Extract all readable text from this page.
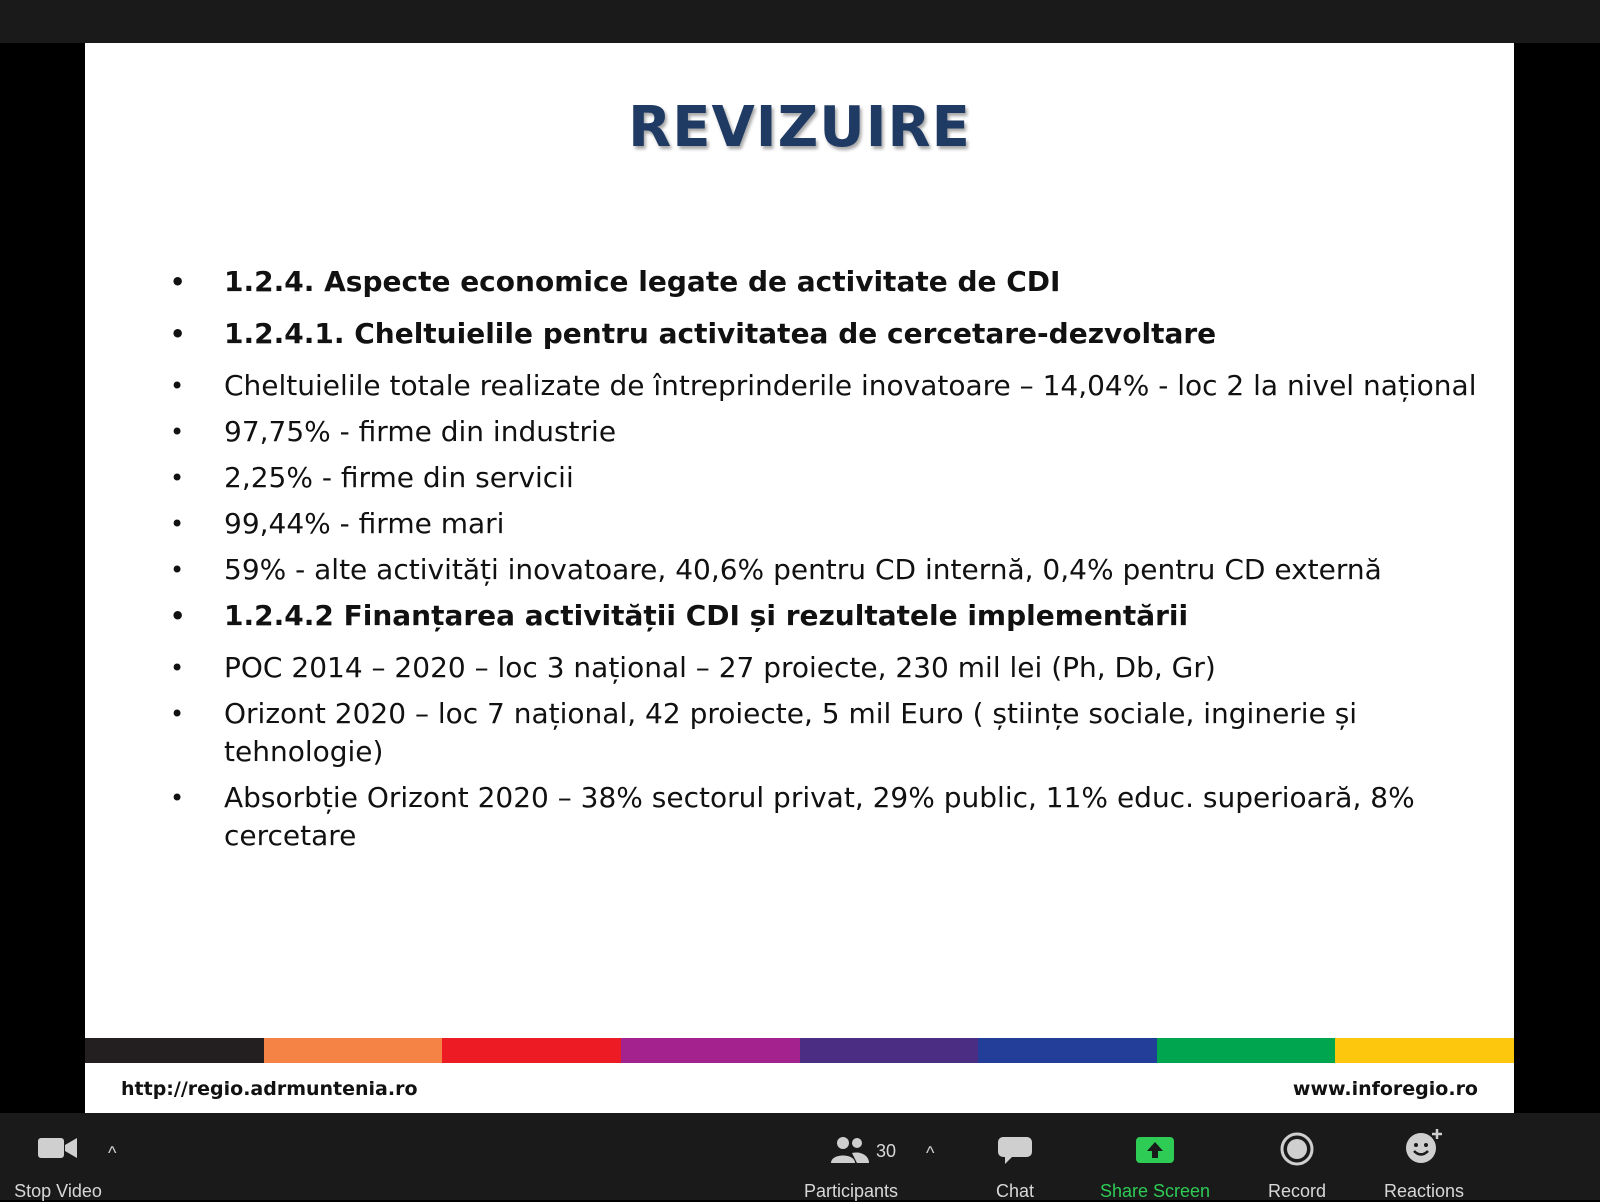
REVIZUIRE
• 1.2.4. Aspecte economice legate de activitate de CDI
• 1.2.4.1. Cheltuielile pentru activitatea de cercetare-dezvoltare
• Cheltuielile totale realizate de întreprinderile inovatoare – 14,04% - loc 2 la nivel național
• 97,75% - firme din industrie
• 2,25% - firme din servicii
• 99,44% - firme mari
• 59% - alte activități inovatoare, 40,6% pentru CD internă, 0,4% pentru CD externă
• 1.2.4.2 Finanțarea activității CDI și rezultatele implementării
• POC 2014 – 2020 – loc 3 național – 27 proiecte, 230 mil lei (Ph, Db, Gr)
• Orizont 2020 – loc 7 național, 42 proiecte, 5 mil Euro ( științe sociale, inginerie și tehnologie)
• Absorbție Orizont 2020 – 38% sectorul privat, 29% public, 11% educ. superioară, 8% cercetare
http://regio.adrmuntenia.ro	www.inforegio.ro
Stop Video
^
Participants
30 ^
Chat	Share Screen	Record	Reactions
